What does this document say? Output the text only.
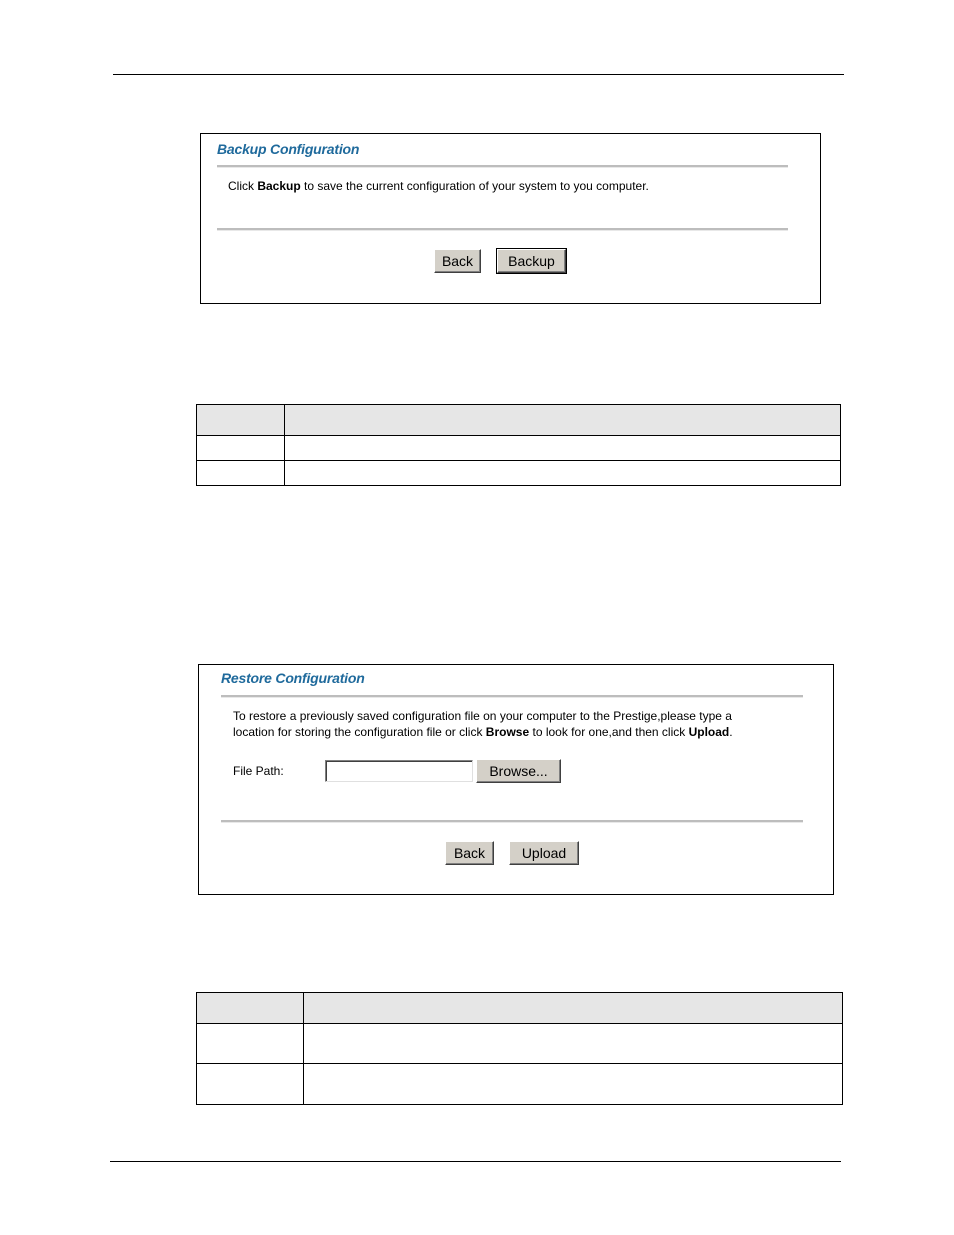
Backup Configuration
Click Backup to save the current configuration of your system to you computer.
Back	Backup

Restore Configuration
To restore a previously saved configuration file on your computer to the Prestige,please type a
location for storing the configuration file or click Browse to look for one,and then click Upload.
File Path:	Browse...
Back	Upload
